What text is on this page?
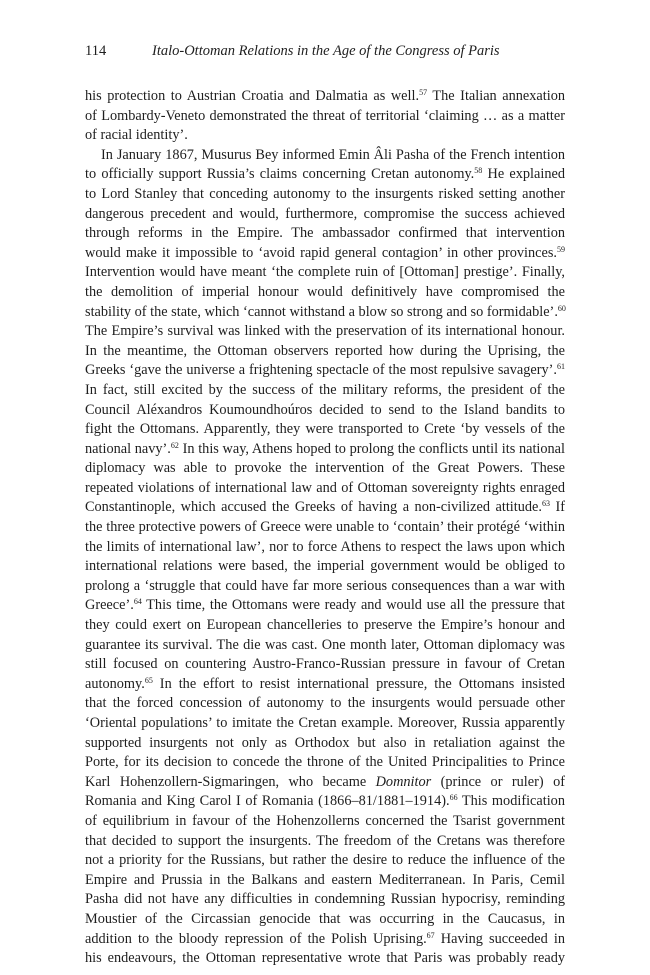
114	Italo-Ottoman Relations in the Age of the Congress of Paris
his protection to Austrian Croatia and Dalmatia as well.$^{57}$ The Italian annexation
of Lombardy-Veneto demonstrated the threat of territorial ‘claiming … as a matter
of racial identity’.
In January 1867, Musurus Bey informed Emin Âli Pasha of the French intention
to officially support Russia’s claims concerning Cretan autonomy.$^{58}$ He explained
to Lord Stanley that conceding autonomy to the insurgents risked setting another
dangerous precedent and would, furthermore, compromise the success achieved
through reforms in the Empire. The ambassador confirmed that intervention
would make it impossible to ‘avoid rapid general contagion’ in other provinces.$^{59}$
Intervention would have meant ‘the complete ruin of [Ottoman] prestige’. Finally,
the demolition of imperial honour would definitively have compromised the
stability of the state, which ‘cannot withstand a blow so strong and so formidable’.$^{60}$
The Empire’s survival was linked with the preservation of its international honour.
In the meantime, the Ottoman observers reported how during the Uprising, the
Greeks ‘gave the universe a frightening spectacle of the most repulsive savagery’.$^{61}$
In fact, still excited by the success of the military reforms, the president of the
Council Aléxandros Koumoundhoúros decided to send to the Island bandits to
fight the Ottomans. Apparently, they were transported to Crete ‘by vessels of the
national navy’.$^{62}$ In this way, Athens hoped to prolong the conflicts until its national
diplomacy was able to provoke the intervention of the Great Powers. These
repeated violations of international law and of Ottoman sovereignty rights enraged
Constantinople, which accused the Greeks of having a non-civilized attitude.$^{63}$ If
the three protective powers of Greece were unable to ‘contain’ their protégé ‘within
the limits of international law’, nor to force Athens to respect the laws upon which
international relations were based, the imperial government would be obliged to
prolong a ‘struggle that could have far more serious consequences than a war with
Greece’.$^{64}$ This time, the Ottomans were ready and would use all the pressure that
they could exert on European chancelleries to preserve the Empire’s honour and
guarantee its survival. The die was cast. One month later, Ottoman diplomacy was
still focused on countering Austro-Franco-Russian pressure in favour of Cretan
autonomy.$^{65}$ In the effort to resist international pressure, the Ottomans insisted
that the forced concession of autonomy to the insurgents would persuade other
‘Oriental populations’ to imitate the Cretan example. Moreover, Russia apparently
supported insurgents not only as Orthodox but also in retaliation against the
Porte, for its decision to concede the throne of the United Principalities to Prince
Karl Hohenzollern-Sigmaringen, who became Domnitor (prince or ruler) of
Romania and King Carol I of Romania (1866–81/1881–1914).$^{66}$ This modification
of equilibrium in favour of the Hohenzollerns concerned the Tsarist government
that decided to support the insurgents. The freedom of the Cretans was therefore
not a priority for the Russians, but rather the desire to reduce the influence of the
Empire and Prussia in the Balkans and eastern Mediterranean. In Paris, Cemil
Pasha did not have any difficulties in condemning Russian hypocrisy, reminding
Moustier of the Circassian genocide that was occurring in the Caucasus, in
addition to the bloody repression of the Polish Uprising.$^{67}$ Having succeeded in
his endeavours, the Ottoman representative wrote that Paris was probably ready
